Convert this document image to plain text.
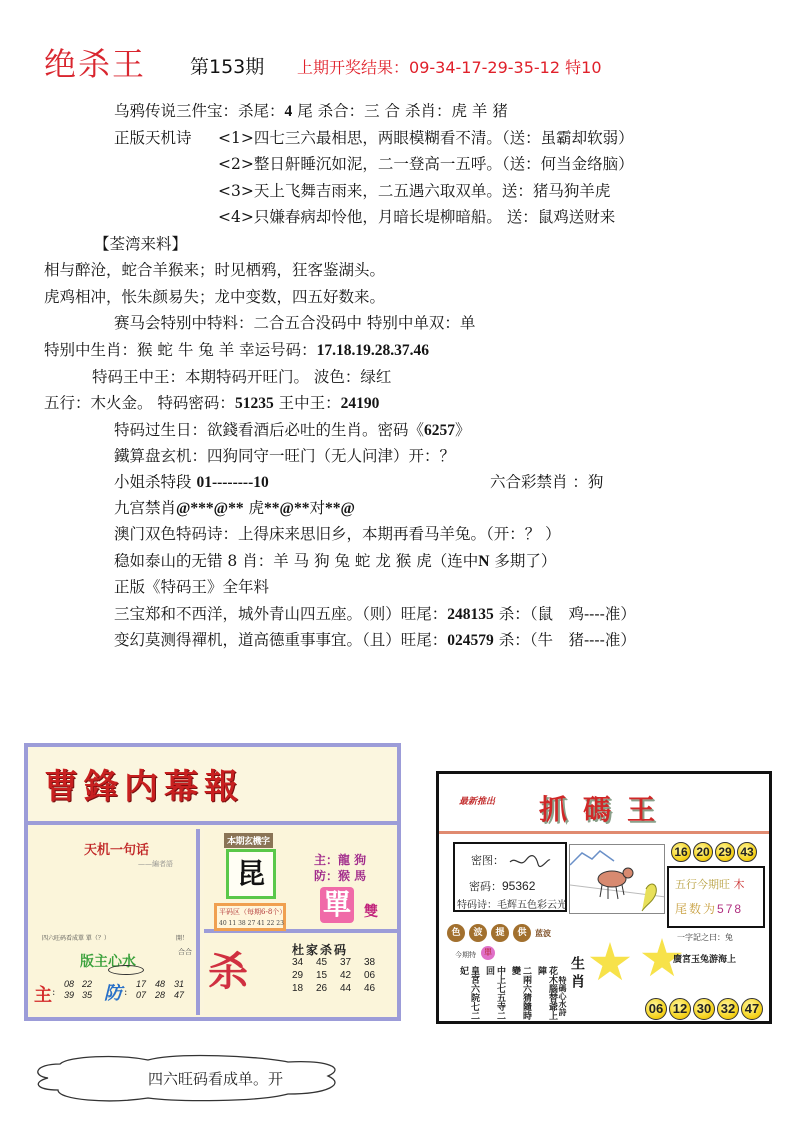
绝杀王 第153期 上期开奖结果：09-34-17-29-35-12 特10
乌鸦传说三件宝：杀尾：4 尾 杀合：三 合 杀肖：虎 羊 猪
正版天机诗 <1>四七三六最相思，两眼模糊看不清。（送：虽霸却软弱）
<2>整日鼾睡沉如泥，二一登高一五呼。（送：何当金络脑）
<3>天上飞舞吉雨来，二五遇六取双单。送：猪马狗羊虎
<4>只嫌春病却怜他，月暗长堤柳暗船。 送：鼠鸡送财来
【荃湾来料】
相与醉沧，蛇合羊猴来；时见栖鸦，狂客鉴湖头。
虎鸡相冲，怅朱颜易失；龙中变数，四五好数来。
赛马会特别中特料：二合五合没码中 特别中单双：单
特别中生肖：猴 蛇 牛 兔 羊 幸运号码：17.18.19.28.37.46
特码王中王：本期特码开旺门。 波色：绿红
五行：木火金。 特码密码：51235 王中王：24190
特码过生日：欲錢看酒后必吐的生肖。密码《6257》
鐵算盘玄机：四狗同守一旺门（无人问津）开：？
小姐杀特段 01--------10	六合彩禁肖 ：狗
九宫禁肖@***@** 虎**@**对**@
澳门双色特码诗：上得床来思旧乡，本期再看马羊兔。（开：？ ）
稳如泰山的无错 8 肖：羊 马 狗 兔 蛇 龙 猴 虎（连中N 多期了）
正版《特码王》全年料
三宝郑和不西洋，城外青山四五座。（则）旺尾：248135 杀：（鼠　鸡----准）
变幻莫测得禪机，道高德重事事宜。（且）旺尾：024579 杀：（牛　猪----准）
曹鋒内幕報
天机一句话
——編者語
四六旺码看成單 單（？）	開！
合合
版主心水
主 :
08 22
39 35 防 :
17 48 31
07 28 47
本期玄機字
昆
平码区（每期6-8个）
40 11 38 27 41 22 23
主：龍 狗
防：猴 馬
單 雙
杀	杜家杀码
34	45	37	38
29	15	42	06
18	26	44	46
最新推出 抓碼王
密图：
密码：95362
特码诗：毛辉五色彩云光
16 20 29 43
五行今期旺 木
尾数为578
色	波	提	供	蓝波
今期特	單
花木腦替爺上陣
二兩六猜隨時變
中上七五寺二回
皇宮六院七二妃
特碼心水詩
生肖
一字記之曰：兔
廣宮玉兔游海上
06 12 30 32 47
四六旺码看成单。开
